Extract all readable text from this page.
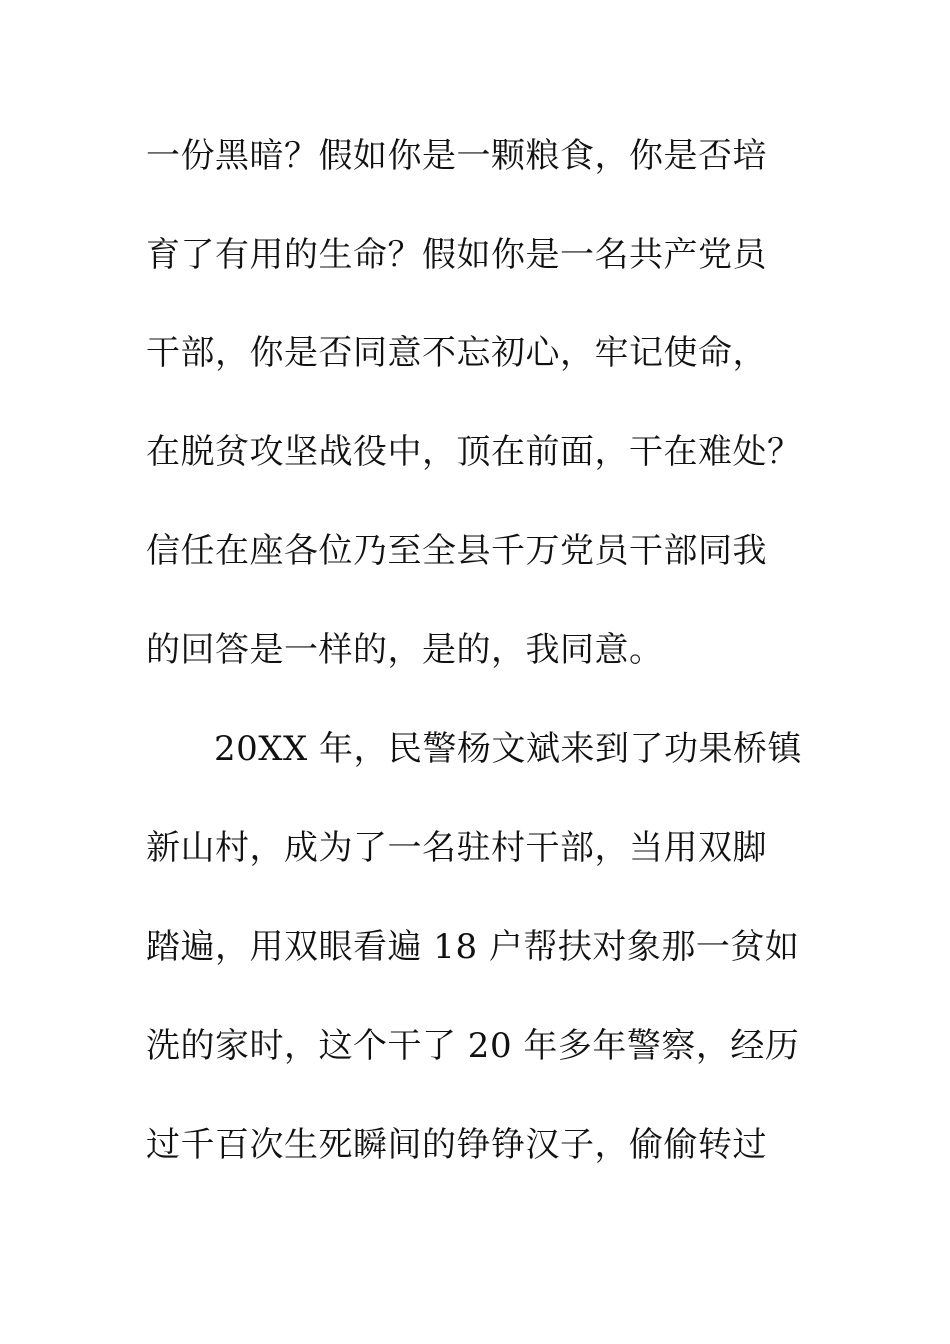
一份黑暗？假如你是一颗粮食，你是否培
育了有用的生命？假如你是一名共产党员
干部，你是否同意不忘初心，牢记使命，
在脱贫攻坚战役中，顶在前面，干在难处？
信任在座各位乃至全县千万党员干部同我
的回答是一样的，是的，我同意。
20XX 年，民警杨文斌来到了功果桥镇
新山村，成为了一名驻村干部，当用双脚
踏遍，用双眼看遍 18 户帮扶对象那一贫如
洗的家时，这个干了 20 年多年警察，经历
过千百次生死瞬间的铮铮汉子，偷偷转过
